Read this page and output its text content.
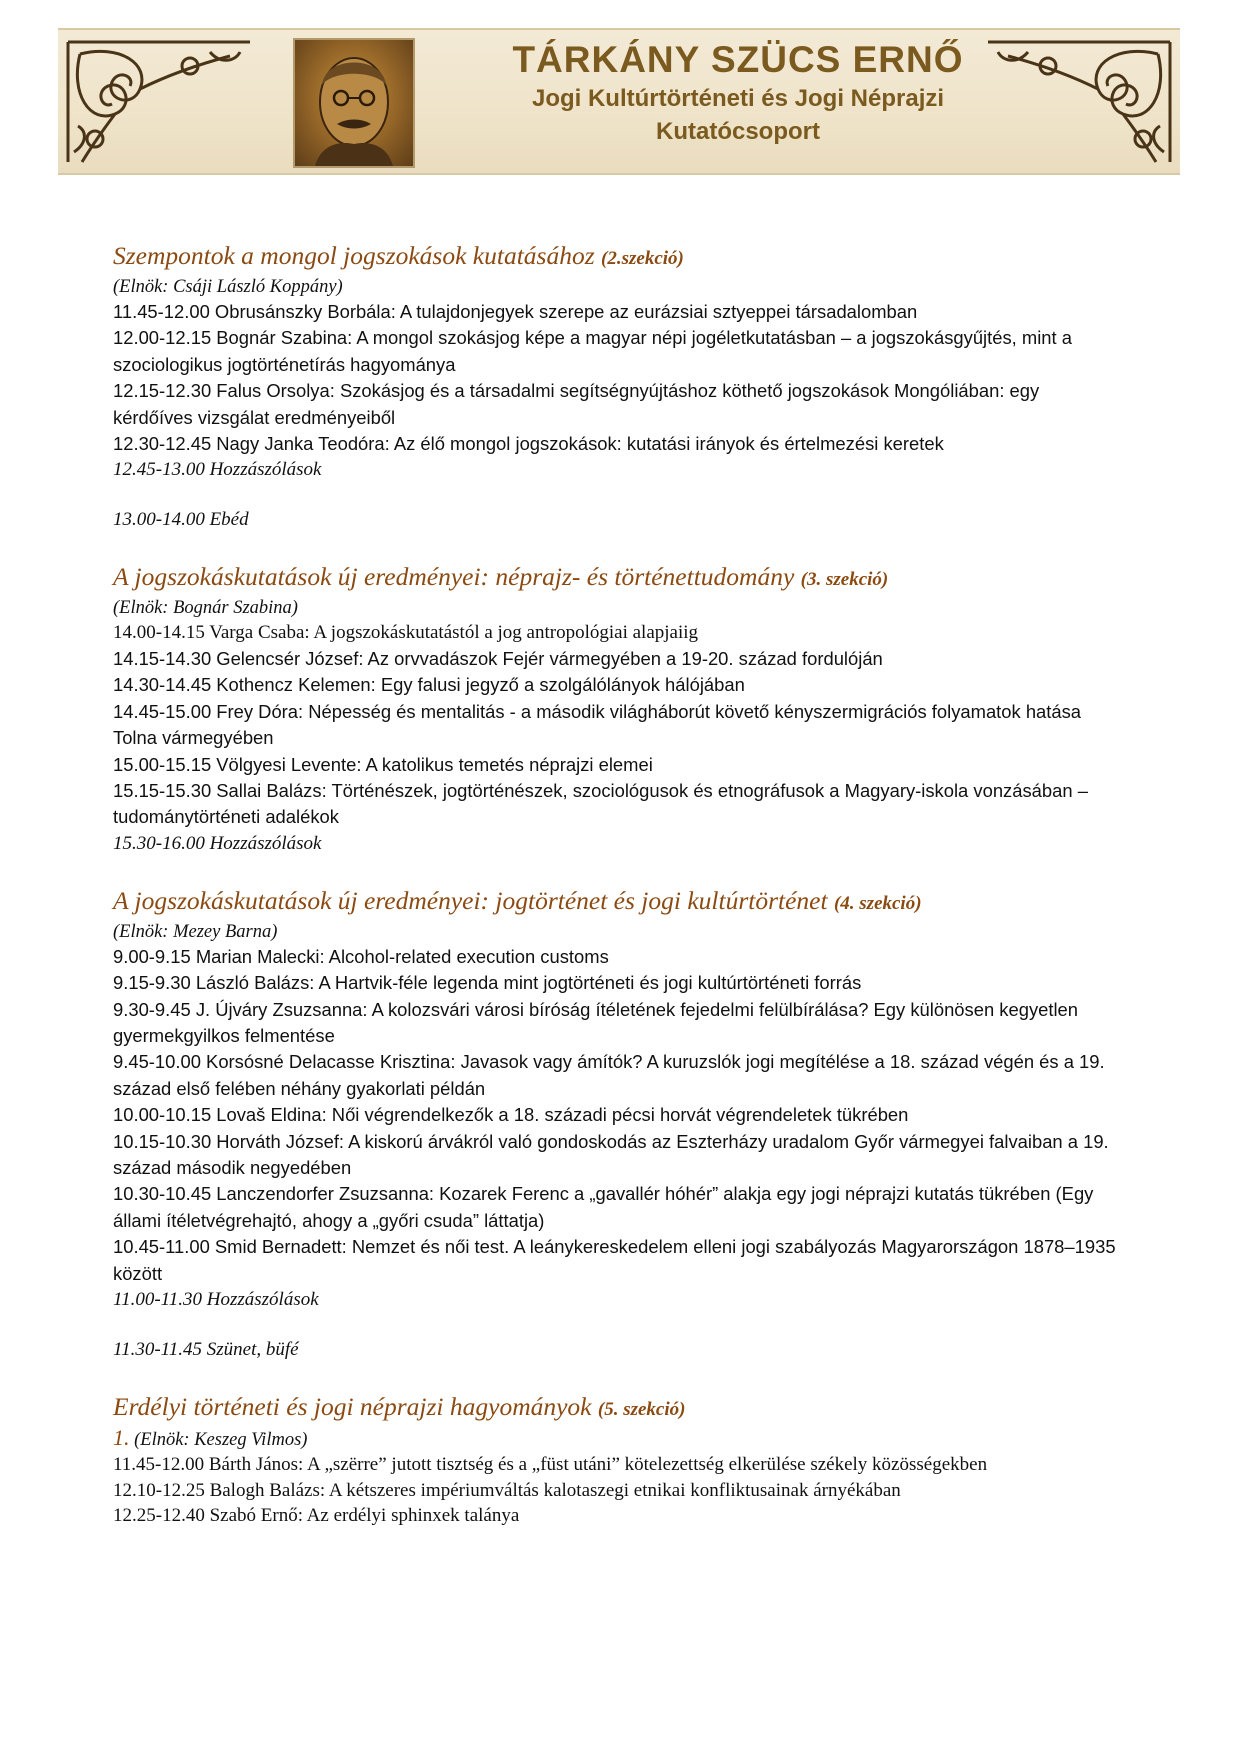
TÁRKÁNY SZÜCS ERNŐ
Jogi Kultúrtörténeti és Jogi Néprajzi
Kutatócsoport

Szempontok a mongol jogszokások kutatásához (2.szekció)

(Elnök: Csáji László Koppány)

11.45-12.00 Obrusánszky Borbála: A tulajdonjegyek szerepe az eurázsiai sztyeppei társadalomban

12.00-12.15 Bognár Szabina: A mongol szokásjog képe a magyar népi jogéletkutatásban – a jogszokásgyűjtés, mint a szociologikus jogtörténetírás hagyománya

12.15-12.30 Falus Orsolya: Szokásjog és a társadalmi segítségnyújtáshoz köthető jogszokások Mongóliában: egy kérdőíves vizsgálat eredményeiből

12.30-12.45 Nagy Janka Teodóra: Az élő mongol jogszokások: kutatási irányok és értelmezési keretek

12.45-13.00 Hozzászólások

13.00-14.00 Ebéd

A jogszokáskutatások új eredményei: néprajz- és történettudomány (3. szekció)

(Elnök: Bognár Szabina)

14.00-14.15 Varga Csaba: A jogszokáskutatástól a jog antropológiai alapjaiig

14.15-14.30 Gelencsér József: Az orvvadászok Fejér vármegyében a 19-20. század fordulóján

14.30-14.45 Kothencz Kelemen: Egy falusi jegyző a szolgálólányok hálójában

14.45-15.00 Frey Dóra: Népesség és mentalitás - a második világháborút követő kényszermigrációs folyamatok hatása Tolna vármegyében

15.00-15.15 Völgyesi Levente: A katolikus temetés néprajzi elemei

15.15-15.30 Sallai Balázs: Történészek, jogtörténészek, szociológusok és etnográfusok a Magyary-iskola vonzásában – tudománytörténeti adalékok

15.30-16.00 Hozzászólások

A jogszokáskutatások új eredményei: jogtörténet és jogi kultúrtörténet (4. szekció)

(Elnök: Mezey Barna)

9.00-9.15 Marian Malecki: Alcohol-related execution customs

9.15-9.30 László Balázs: A Hartvik-féle legenda mint jogtörténeti és jogi kultúrtörténeti forrás

9.30-9.45 J. Újváry Zsuzsanna: A kolozsvári városi bíróság ítéletének fejedelmi felülbírálása? Egy különösen kegyetlen gyermekgyilkos felmentése

9.45-10.00 Korsósné Delacasse Krisztina: Javasok vagy ámítók? A kuruzslók jogi megítélése a 18. század végén és a 19. század első felében néhány gyakorlati példán

10.00-10.15 Lovaš Eldina: Női végrendelkezők a 18. századi pécsi horvát végrendeletek tükrében

10.15-10.30 Horváth József: A kiskorú árvákról való gondoskodás az Eszterházy uradalom Győr vármegyei falvaiban a 19. század második negyedében

10.30-10.45 Lanczendorfer Zsuzsanna: Kozarek Ferenc a „gavallér hóhér” alakja egy jogi néprajzi kutatás tükrében (Egy állami ítéletvégrehajtó, ahogy a „győri csuda” láttatja)

10.45-11.00 Smid Bernadett: Nemzet és női test. A leánykereskedelem elleni jogi szabályozás Magyarországon 1878–1935 között

11.00-11.30 Hozzászólások

11.30-11.45 Szünet, büfé

Erdélyi történeti és jogi néprajzi hagyományok (5. szekció)

1. (Elnök: Keszeg Vilmos)

11.45-12.00 Bárth János: A „szërre” jutott tisztség és a „füst utáni” kötelezettség elkerülése székely közösségekben

12.10-12.25 Balogh Balázs: A kétszeres impériumváltás kalotaszegi etnikai konfliktusainak árnyékában

12.25-12.40 Szabó Ernő: Az erdélyi sphinxek talánya
